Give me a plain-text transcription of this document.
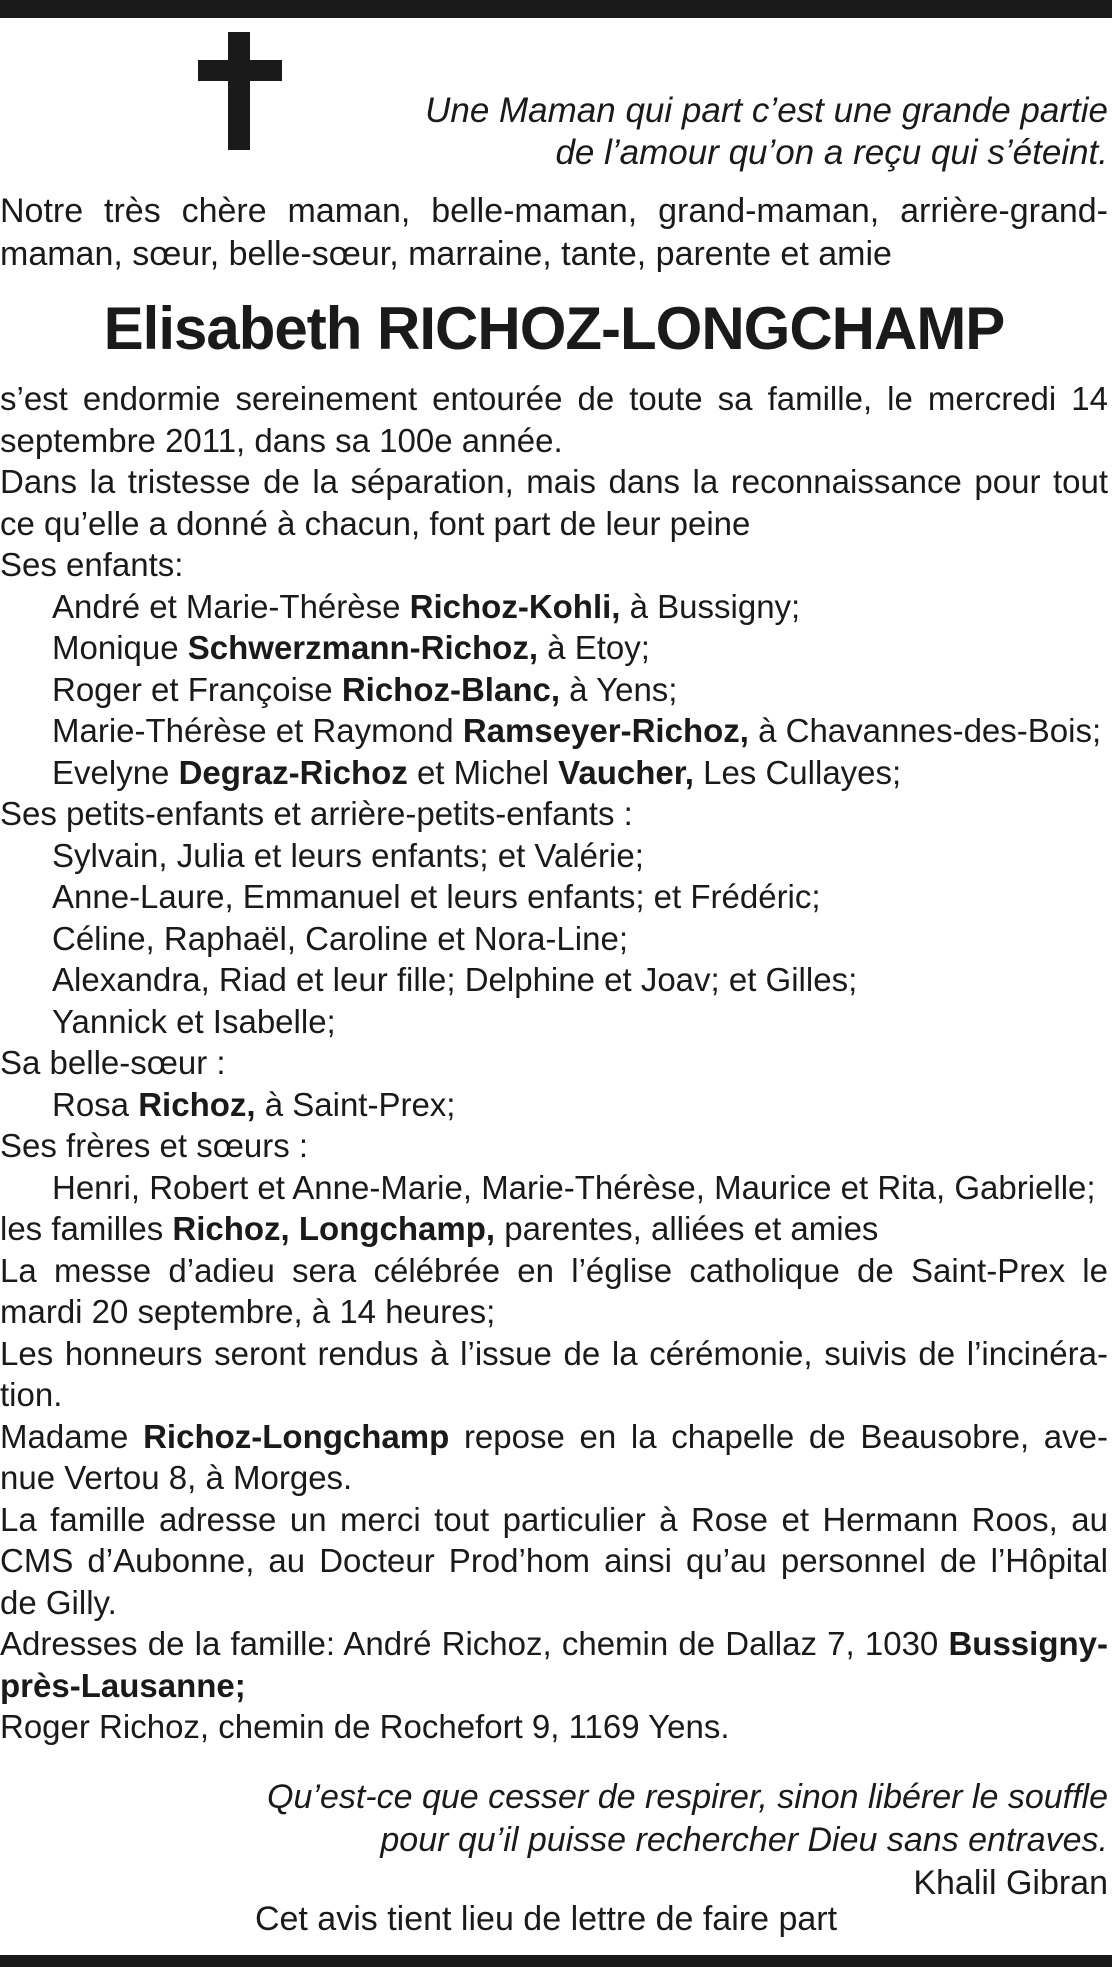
Une Maman qui part c’est une grande partie
de l’amour qu’on a reçu qui s’éteint.
Notre très chère maman, belle-maman, grand-maman, arrière-grand-maman, sœur, belle-sœur, marraine, tante, parente et amie
Elisabeth RICHOZ-LONGCHAMP

s’est endormie sereinement entourée de toute sa famille, le mercredi 14 septembre 2011, dans sa 100e année.

Dans la tristesse de la séparation, mais dans la reconnaissance pour tout ce qu’elle a donné à chacun, font part de leur peine

Ses enfants:

André et Marie-Thérèse Richoz-Kohli, à Bussigny;

Monique Schwerzmann-Richoz, à Etoy;

Roger et Françoise Richoz-Blanc, à Yens;

Marie-Thérèse et Raymond Ramseyer-Richoz, à Chavannes-des-Bois;

Evelyne Degraz-Richoz et Michel Vaucher, Les Cullayes;

Ses petits-enfants et arrière-petits-enfants :

Sylvain, Julia et leurs enfants; et Valérie;

Anne-Laure, Emmanuel et leurs enfants; et Frédéric;

Céline, Raphaël, Caroline et Nora-Line;

Alexandra, Riad et leur fille; Delphine et Joav; et Gilles;

Yannick et Isabelle;

Sa belle-sœur :

Rosa Richoz, à Saint-Prex;

Ses frères et sœurs :

Henri, Robert et Anne-Marie, Marie-Thérèse, Maurice et Rita, Gabrielle;

les familles Richoz, Longchamp, parentes, alliées et amies

La messe d’adieu sera célébrée en l’église catholique de Saint-Prex le mardi 20 septembre, à 14 heures;

Les honneurs seront rendus à l’issue de la cérémonie, suivis de l’incinéra-tion.

Madame Richoz-Longchamp repose en la chapelle de Beausobre, ave-nue Vertou 8, à Morges.

La famille adresse un merci tout particulier à Rose et Hermann Roos, au CMS d’Aubonne, au Docteur Prod’hom ainsi qu’au personnel de l’Hôpital de Gilly.

Adresses de la famille: André Richoz, chemin de Dallaz 7, 1030 Bussigny-près-Lausanne;

Roger Richoz, chemin de Rochefort 9, 1169 Yens.

Qu’est-ce que cesser de respirer, sinon libérer le souffle
pour qu’il puisse rechercher Dieu sans entraves.
Khalil Gibran
Cet avis tient lieu de lettre de faire part
